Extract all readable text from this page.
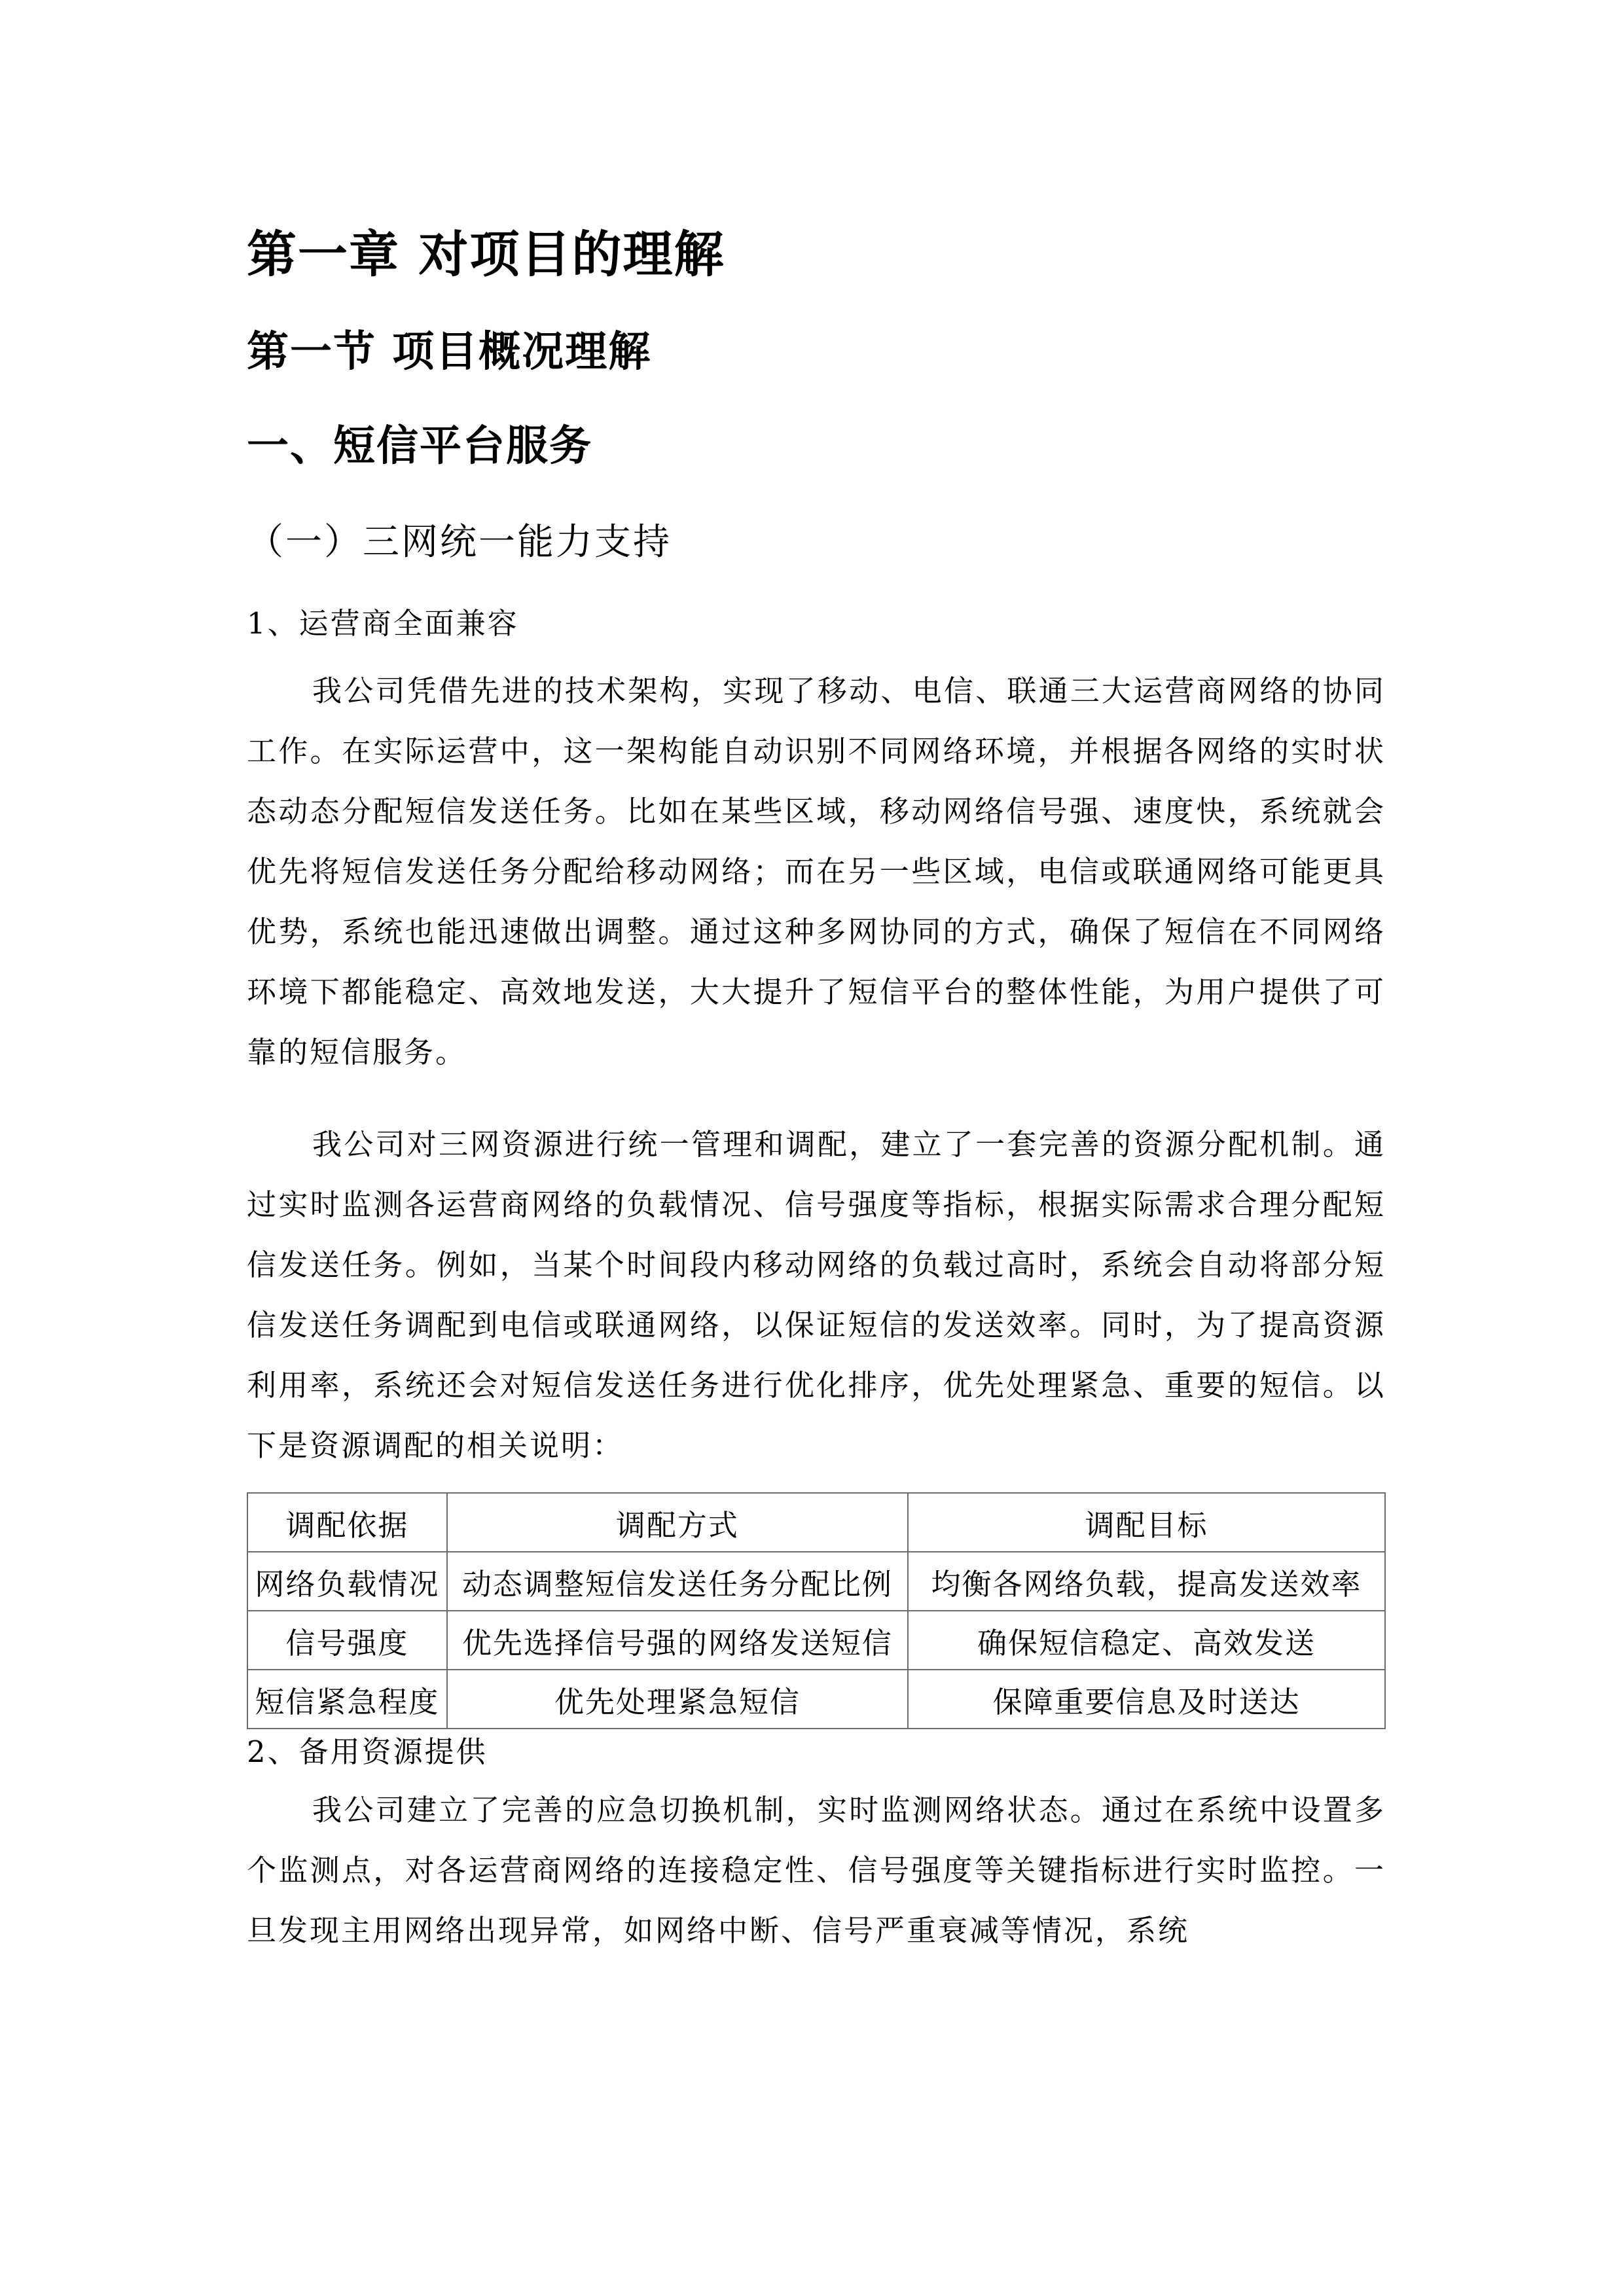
第一章 对项目的理解
第一节 项目概况理解
一、短信平台服务
（一）三网统一能力支持
1、运营商全面兼容
我公司凭借先进的技术架构，实现了移动、电信、联通三大运营商网络的协同工作。在实际运营中，这一架构能自动识别不同网络环境，并根据各网络的实时状态动态分配短信发送任务。比如在某些区域，移动网络信号强、速度快，系统就会优先将短信发送任务分配给移动网络；而在另一些区域，电信或联通网络可能更具优势，系统也能迅速做出调整。通过这种多网协同的方式，确保了短信在不同网络环境下都能稳定、高效地发送，大大提升了短信平台的整体性能，为用户提供了可靠的短信服务。
我公司对三网资源进行统一管理和调配，建立了一套完善的资源分配机制。通过实时监测各运营商网络的负载情况、信号强度等指标，根据实际需求合理分配短信发送任务。例如，当某个时间段内移动网络的负载过高时，系统会自动将部分短信发送任务调配到电信或联通网络，以保证短信的发送效率。同时，为了提高资源利用率，系统还会对短信发送任务进行优化排序，优先处理紧急、重要的短信。以下是资源调配的相关说明：
调配依据	调配方式	调配目标
网络负载情况	动态调整短信发送任务分配比例	均衡各网络负载，提高发送效率
信号强度	优先选择信号强的网络发送短信	确保短信稳定、高效发送
短信紧急程度	优先处理紧急短信	保障重要信息及时送达
2、备用资源提供
我公司建立了完善的应急切换机制，实时监测网络状态。通过在系统中设置多个监测点，对各运营商网络的连接稳定性、信号强度等关键指标进行实时监控。一旦发现主用网络出现异常，如网络中断、信号严重衰减等情况，系统
